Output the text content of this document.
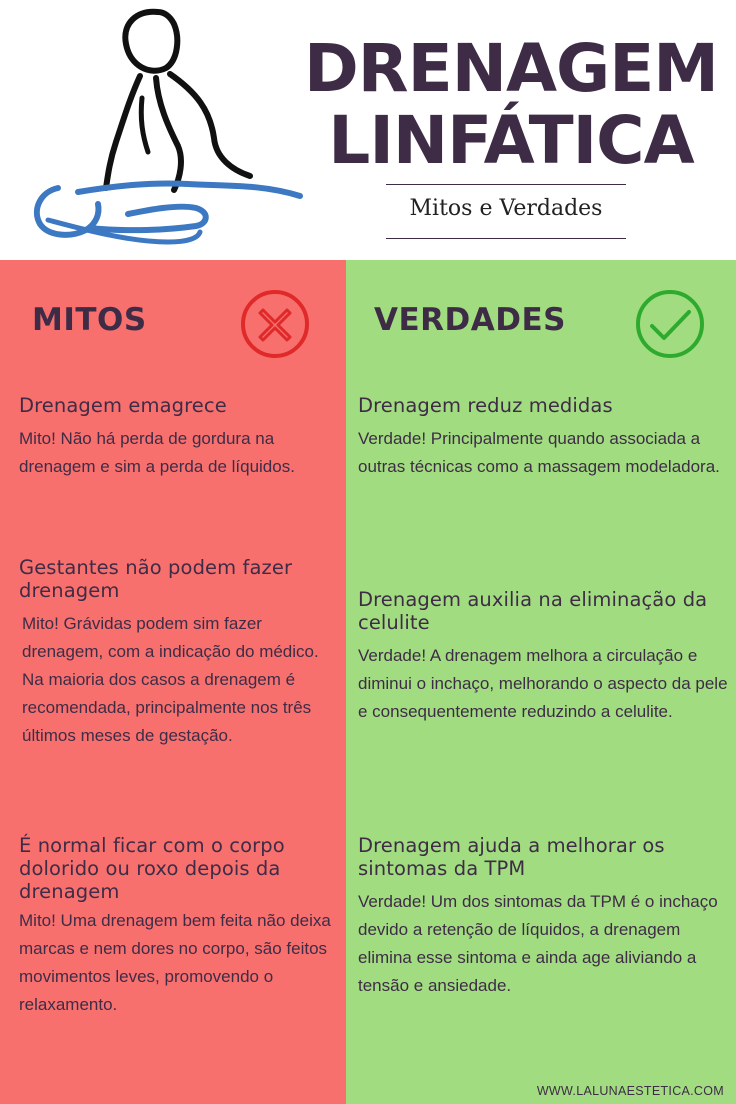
DRENAGEM
LINFÁTICA
Mitos e Verdades
MITOS
Drenagem emagrece
Mito! Não há perda de gordura na drenagem e sim a perda de líquidos.
Gestantes não podem fazer drenagem
Mito! Grávidas podem sim fazer drenagem, com a indicação do médico. Na maioria dos casos a drenagem é recomendada, principalmente nos três últimos meses de gestação.
É normal ficar com o corpo dolorido ou roxo depois da drenagem
Mito! Uma drenagem bem feita não deixa marcas e nem dores no corpo, são feitos movimentos leves, promovendo o relaxamento.
VERDADES
Drenagem reduz medidas
Verdade! Principalmente quando associada a outras técnicas como a massagem modeladora.
Drenagem auxilia na eliminação da celulite
Verdade! A drenagem melhora a circulação e diminui o inchaço, melhorando o aspecto da pele e consequentemente reduzindo a celulite.
Drenagem ajuda a melhorar os sintomas da TPM
Verdade! Um dos sintomas da TPM é o inchaço devido a retenção de líquidos, a drenagem elimina esse sintoma e ainda age aliviando a tensão e ansiedade.
WWW.LALUNAESTETICA.COM
